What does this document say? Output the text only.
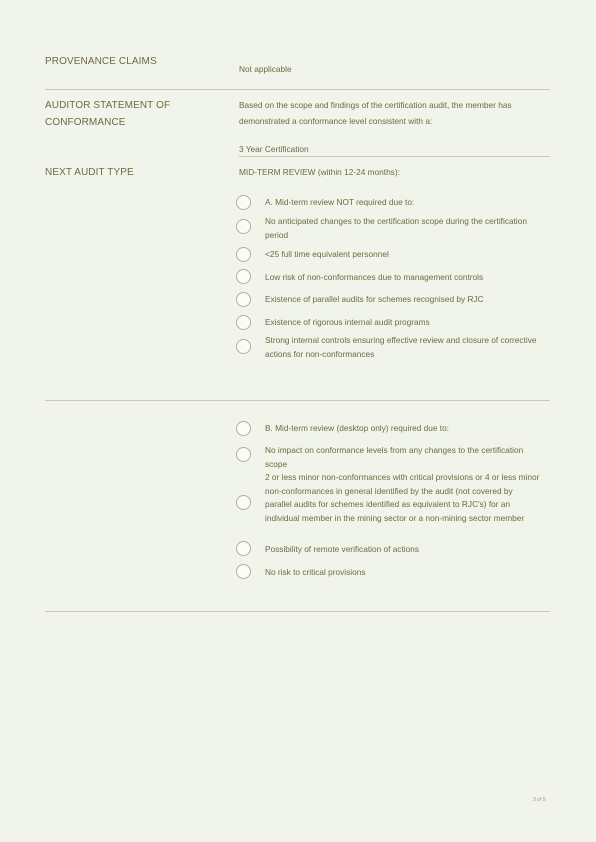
PROVENANCE CLAIMS
Not applicable
AUDITOR STATEMENT OF CONFORMANCE
Based on the scope and findings of the certification audit, the member has demonstrated a conformance level consistent with a:
3 Year Certification
NEXT AUDIT TYPE	MID-TERM REVIEW (within 12-24 months):
A. Mid-term review NOT required due to:
No anticipated changes to the certification scope during the certification period
<25 full time equivalent personnel
Low risk of non-conformances due to management controls
Existence of parallel audits for schemes recognised by RJC
Existence of rigorous internal audit programs
Strong internal controls ensuring effective review and closure of corrective actions for non-conformances
B. Mid-term review (desktop only) required due to:
No impact on conformance levels from any changes to the certification scope
2 or less minor non-conformances with critical provisions or 4 or less minor non-conformances in general identified by the audit (not covered by parallel audits for schemes identified as equivalent to RJC's) for an individual member in the mining sector or a non-mining sector member
Possibility of remote verification of actions
No risk to critical provisions
3 of 5
